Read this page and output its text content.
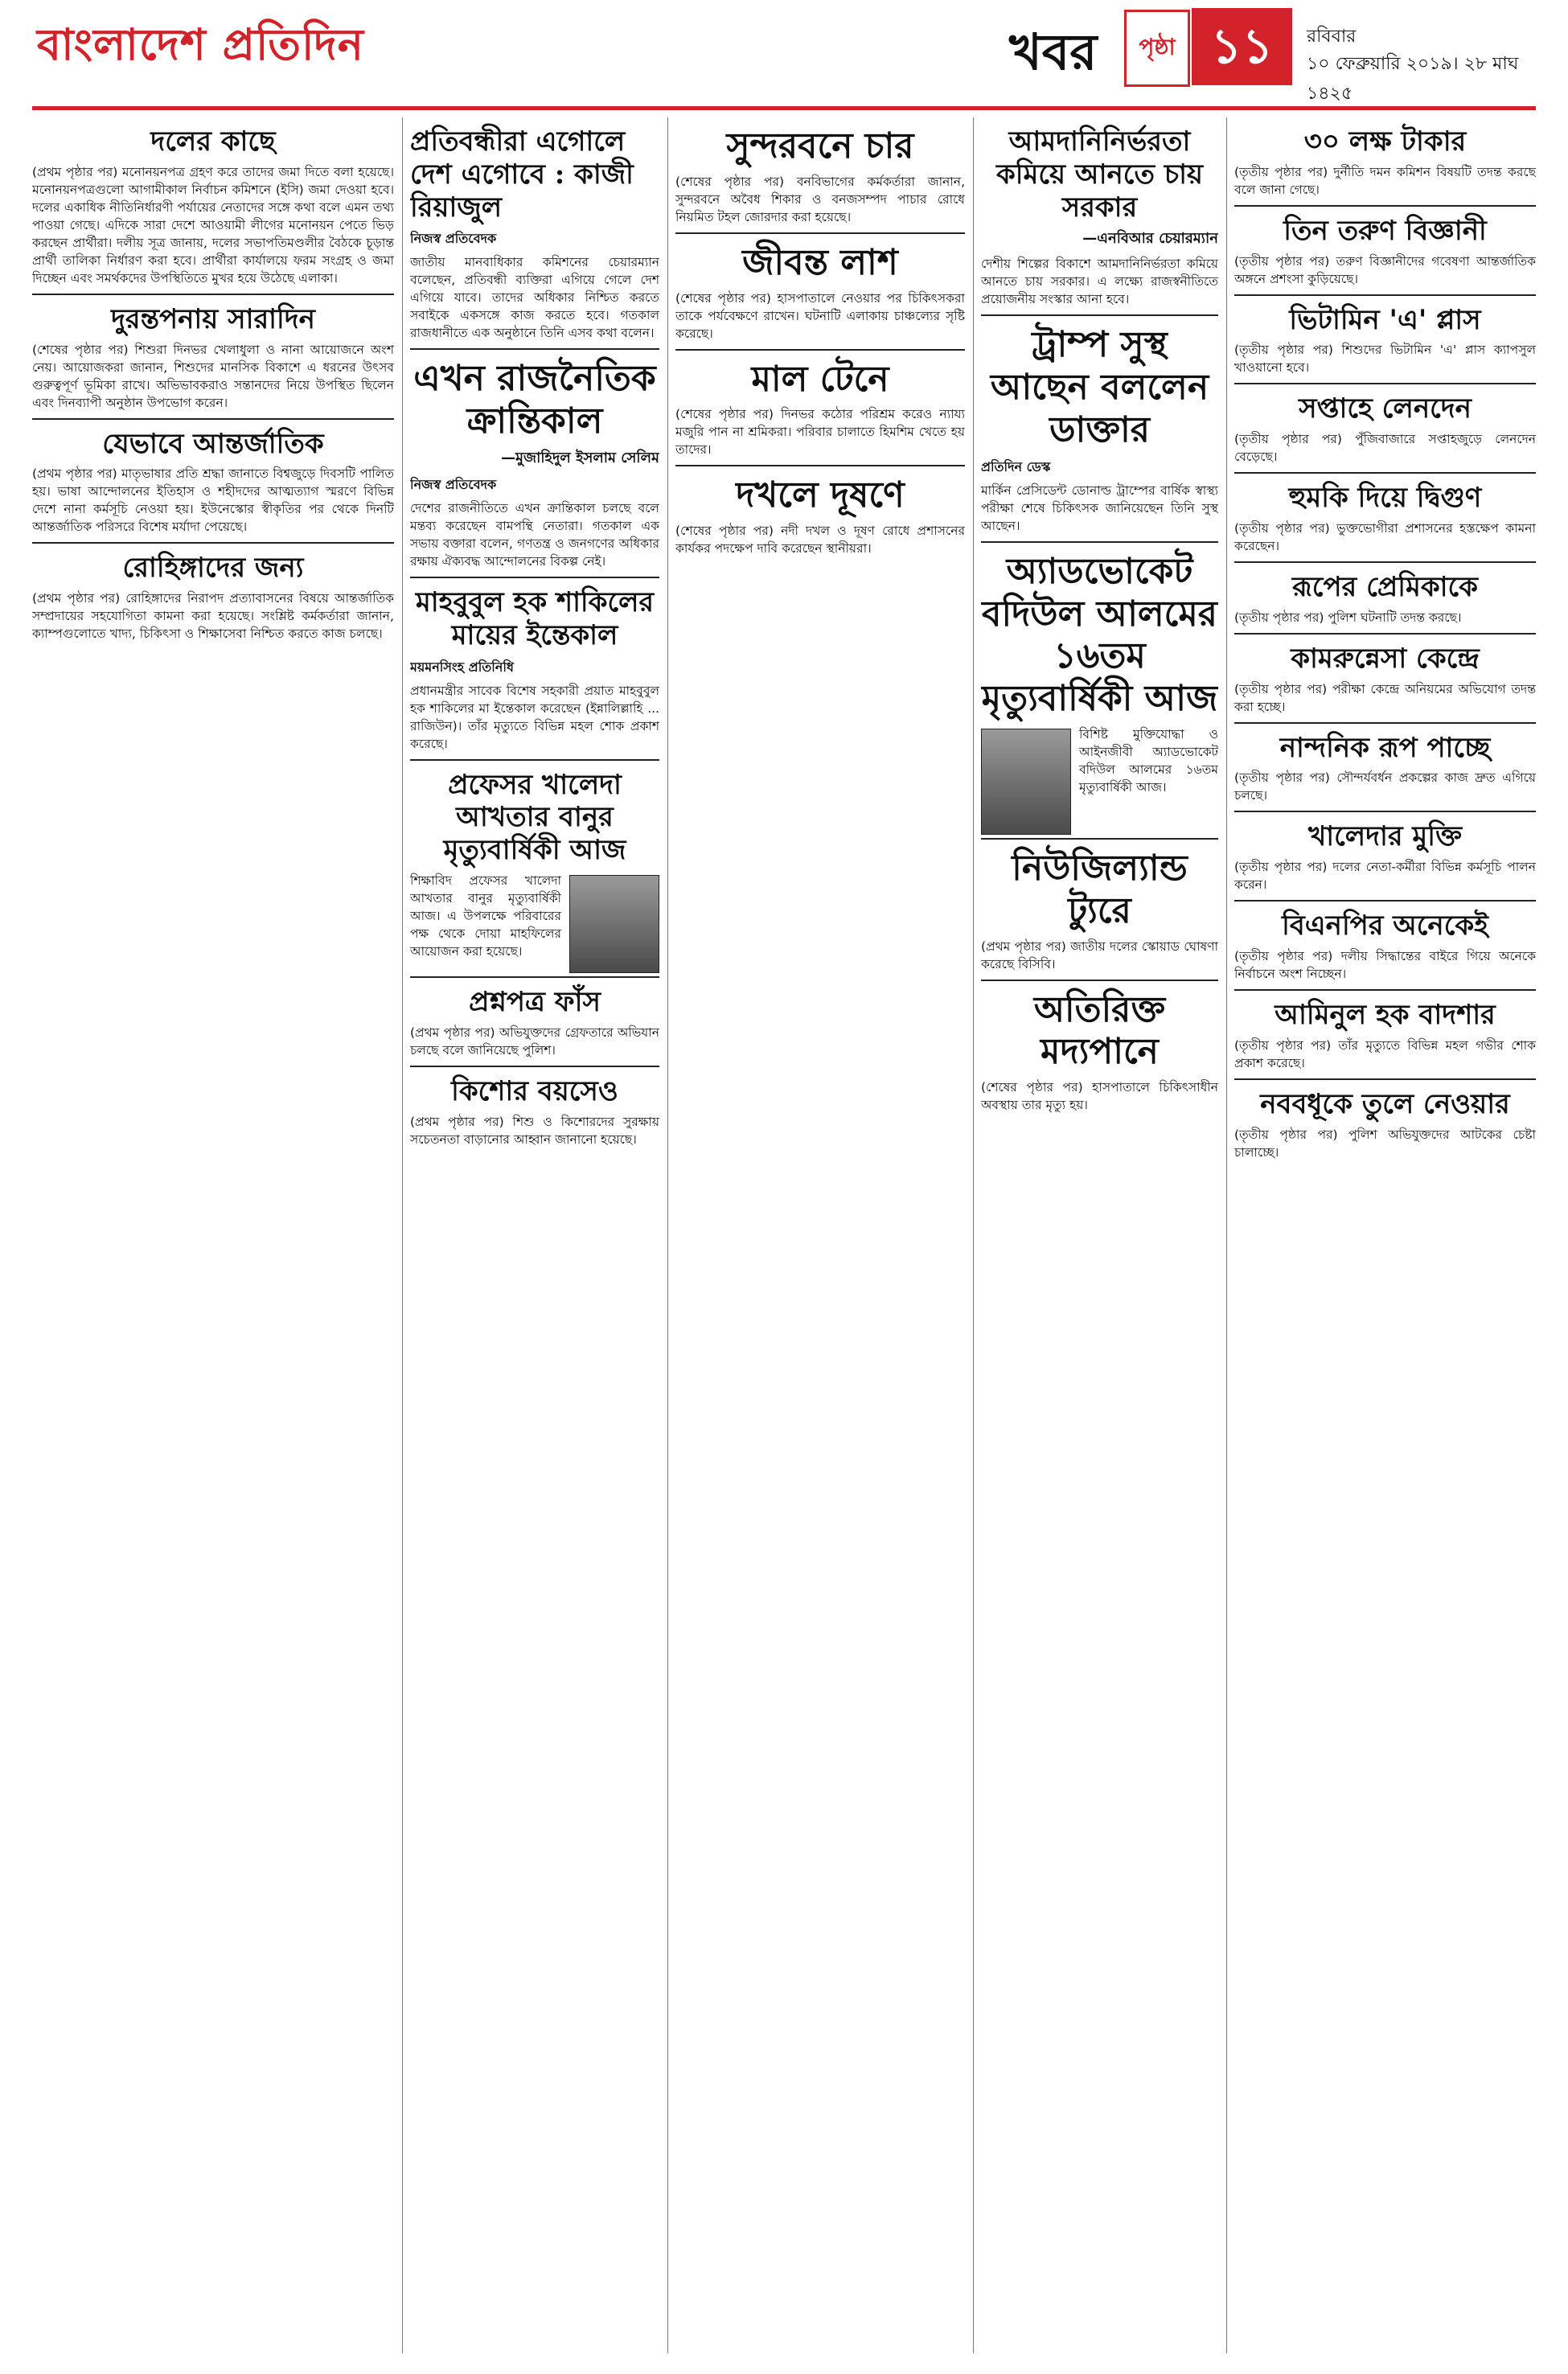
বাংলাদেশ প্রতিদিন	খবর	পৃষ্ঠা ১১	রবিবার
১০ ফেব্রুয়ারি ২০১৯। ২৮ মাঘ ১৪২৫
দলের কাছে

(প্রথম পৃষ্ঠার পর) মনোনয়নপত্র গ্রহণ করে তাদের জমা দিতে বলা হয়েছে। মনোনয়নপত্রগুলো আগামীকাল নির্বাচন কমিশনে (ইসি) জমা দেওয়া হবে। দলের একাধিক নীতিনির্ধারণী পর্যায়ের নেতাদের সঙ্গে কথা বলে এমন তথ্য পাওয়া গেছে। এদিকে সারা দেশে আওয়ামী লীগের মনোনয়ন পেতে ভিড় করছেন প্রার্থীরা। দলীয় সূত্র জানায়, দলের সভাপতিমণ্ডলীর বৈঠকে চূড়ান্ত প্রার্থী তালিকা নির্ধারণ করা হবে। প্রার্থীরা কার্যালয়ে ফরম সংগ্রহ ও জমা দিচ্ছেন এবং সমর্থকদের উপস্থিতিতে মুখর হয়ে উঠেছে এলাকা।

দুরন্তপনায় সারাদিন

(শেষের পৃষ্ঠার পর) শিশুরা দিনভর খেলাধুলা ও নানা আয়োজনে অংশ নেয়। আয়োজকরা জানান, শিশুদের মানসিক বিকাশে এ ধরনের উৎসব গুরুত্বপূর্ণ ভূমিকা রাখে। অভিভাবকরাও সন্তানদের নিয়ে উপস্থিত ছিলেন এবং দিনব্যাপী অনুষ্ঠান উপভোগ করেন।

যেভাবে আন্তর্জাতিক

(প্রথম পৃষ্ঠার পর) মাতৃভাষার প্রতি শ্রদ্ধা জানাতে বিশ্বজুড়ে দিবসটি পালিত হয়। ভাষা আন্দোলনের ইতিহাস ও শহীদদের আত্মত্যাগ স্মরণে বিভিন্ন দেশে নানা কর্মসূচি নেওয়া হয়। ইউনেস্কোর স্বীকৃতির পর থেকে দিনটি আন্তর্জাতিক পরিসরে বিশেষ মর্যাদা পেয়েছে।

রোহিঙ্গাদের জন্য

(প্রথম পৃষ্ঠার পর) রোহিঙ্গাদের নিরাপদ প্রত্যাবাসনের বিষয়ে আন্তর্জাতিক সম্প্রদায়ের সহযোগিতা কামনা করা হয়েছে। সংশ্লিষ্ট কর্মকর্তারা জানান, ক্যাম্পগুলোতে খাদ্য, চিকিৎসা ও শিক্ষাসেবা নিশ্চিত করতে কাজ চলছে।

প্রতিবন্ধীরা এগোলে দেশ এগোবে : কাজী রিয়াজুল
নিজস্ব প্রতিবেদক

জাতীয় মানবাধিকার কমিশনের চেয়ারম্যান বলেছেন, প্রতিবন্ধী ব্যক্তিরা এগিয়ে গেলে দেশ এগিয়ে যাবে। তাদের অধিকার নিশ্চিত করতে সবাইকে একসঙ্গে কাজ করতে হবে। গতকাল রাজধানীতে এক অনুষ্ঠানে তিনি এসব কথা বলেন।

এখন রাজনৈতিক ক্রান্তিকাল
—মুজাহিদুল ইসলাম সেলিম
নিজস্ব প্রতিবেদক

দেশের রাজনীতিতে এখন ক্রান্তিকাল চলছে বলে মন্তব্য করেছেন বামপন্থি নেতারা। গতকাল এক সভায় বক্তারা বলেন, গণতন্ত্র ও জনগণের অধিকার রক্ষায় ঐক্যবদ্ধ আন্দোলনের বিকল্প নেই।

মাহবুবুল হক শাকিলের মায়ের ইন্তেকাল
ময়মনসিংহ প্রতিনিধি

প্রধানমন্ত্রীর সাবেক বিশেষ সহকারী প্রয়াত মাহবুবুল হক শাকিলের মা ইন্তেকাল করেছেন (ইন্নালিল্লাহি ... রাজিউন)। তাঁর মৃত্যুতে বিভিন্ন মহল শোক প্রকাশ করেছে।

প্রফেসর খালেদা আখতার বানুর মৃত্যুবার্ষিকী আজ

শিক্ষাবিদ প্রফেসর খালেদা আখতার বানুর মৃত্যুবার্ষিকী আজ। এ উপলক্ষে পরিবারের পক্ষ থেকে দোয়া মাহফিলের আয়োজন করা হয়েছে।

প্রশ্নপত্র ফাঁস

(প্রথম পৃষ্ঠার পর) অভিযুক্তদের গ্রেফতারে অভিযান চলছে বলে জানিয়েছে পুলিশ।

কিশোর বয়সেও

(প্রথম পৃষ্ঠার পর) শিশু ও কিশোরদের সুরক্ষায় সচেতনতা বাড়ানোর আহ্বান জানানো হয়েছে।

সুন্দরবনে চার

(শেষের পৃষ্ঠার পর) বনবিভাগের কর্মকর্তারা জানান, সুন্দরবনে অবৈধ শিকার ও বনজসম্পদ পাচার রোধে নিয়মিত টহল জোরদার করা হয়েছে।

জীবন্ত লাশ

(শেষের পৃষ্ঠার পর) হাসপাতালে নেওয়ার পর চিকিৎসকরা তাকে পর্যবেক্ষণে রাখেন। ঘটনাটি এলাকায় চাঞ্চল্যের সৃষ্টি করেছে।

মাল টেনে

(শেষের পৃষ্ঠার পর) দিনভর কঠোর পরিশ্রম করেও ন্যায্য মজুরি পান না শ্রমিকরা। পরিবার চালাতে হিমশিম খেতে হয় তাদের।

দখলে দূষণে

(শেষের পৃষ্ঠার পর) নদী দখল ও দূষণ রোধে প্রশাসনের কার্যকর পদক্ষেপ দাবি করেছেন স্থানীয়রা।

আমদানিনির্ভরতা কমিয়ে আনতে চায় সরকার
—এনবিআর চেয়ারম্যান

দেশীয় শিল্পের বিকাশে আমদানিনির্ভরতা কমিয়ে আনতে চায় সরকার। এ লক্ষ্যে রাজস্বনীতিতে প্রয়োজনীয় সংস্কার আনা হবে।

ট্রাম্প সুস্থ আছেন বললেন ডাক্তার
প্রতিদিন ডেস্ক

মার্কিন প্রেসিডেন্ট ডোনাল্ড ট্রাম্পের বার্ষিক স্বাস্থ্য পরীক্ষা শেষে চিকিৎসক জানিয়েছেন তিনি সুস্থ আছেন।

অ্যাডভোকেট বদিউল আলমের ১৬তম মৃত্যুবার্ষিকী আজ

বিশিষ্ট মুক্তিযোদ্ধা ও আইনজীবী অ্যাডভোকেট বদিউল আলমের ১৬তম মৃত্যুবার্ষিকী আজ।

নিউজিল্যান্ড ট্যুরে

(প্রথম পৃষ্ঠার পর) জাতীয় দলের স্কোয়াড ঘোষণা করেছে বিসিবি।

অতিরিক্ত মদ্যপানে

(শেষের পৃষ্ঠার পর) হাসপাতালে চিকিৎসাধীন অবস্থায় তার মৃত্যু হয়।

৩০ লক্ষ টাকার

(তৃতীয় পৃষ্ঠার পর) দুর্নীতি দমন কমিশন বিষয়টি তদন্ত করছে বলে জানা গেছে।

তিন তরুণ বিজ্ঞানী

(তৃতীয় পৃষ্ঠার পর) তরুণ বিজ্ঞানীদের গবেষণা আন্তর্জাতিক অঙ্গনে প্রশংসা কুড়িয়েছে।

ভিটামিন 'এ' প্লাস

(তৃতীয় পৃষ্ঠার পর) শিশুদের ভিটামিন 'এ' প্লাস ক্যাপসুল খাওয়ানো হবে।

সপ্তাহে লেনদেন

(তৃতীয় পৃষ্ঠার পর) পুঁজিবাজারে সপ্তাহজুড়ে লেনদেন বেড়েছে।

হুমকি দিয়ে দ্বিগুণ

(তৃতীয় পৃষ্ঠার পর) ভুক্তভোগীরা প্রশাসনের হস্তক্ষেপ কামনা করেছেন।

রূপের প্রেমিকাকে

(তৃতীয় পৃষ্ঠার পর) পুলিশ ঘটনাটি তদন্ত করছে।

কামরুন্নেসা কেন্দ্রে

(তৃতীয় পৃষ্ঠার পর) পরীক্ষা কেন্দ্রে অনিয়মের অভিযোগ তদন্ত করা হচ্ছে।

নান্দনিক রূপ পাচ্ছে

(তৃতীয় পৃষ্ঠার পর) সৌন্দর্যবর্ধন প্রকল্পের কাজ দ্রুত এগিয়ে চলছে।

খালেদার মুক্তি

(তৃতীয় পৃষ্ঠার পর) দলের নেতা-কর্মীরা বিভিন্ন কর্মসূচি পালন করেন।

বিএনপির অনেকেই

(তৃতীয় পৃষ্ঠার পর) দলীয় সিদ্ধান্তের বাইরে গিয়ে অনেকে নির্বাচনে অংশ নিচ্ছেন।

আমিনুল হক বাদশার

(তৃতীয় পৃষ্ঠার পর) তাঁর মৃত্যুতে বিভিন্ন মহল গভীর শোক প্রকাশ করেছে।

নববধূকে তুলে নেওয়ার

(তৃতীয় পৃষ্ঠার পর) পুলিশ অভিযুক্তদের আটকের চেষ্টা চালাচ্ছে।
